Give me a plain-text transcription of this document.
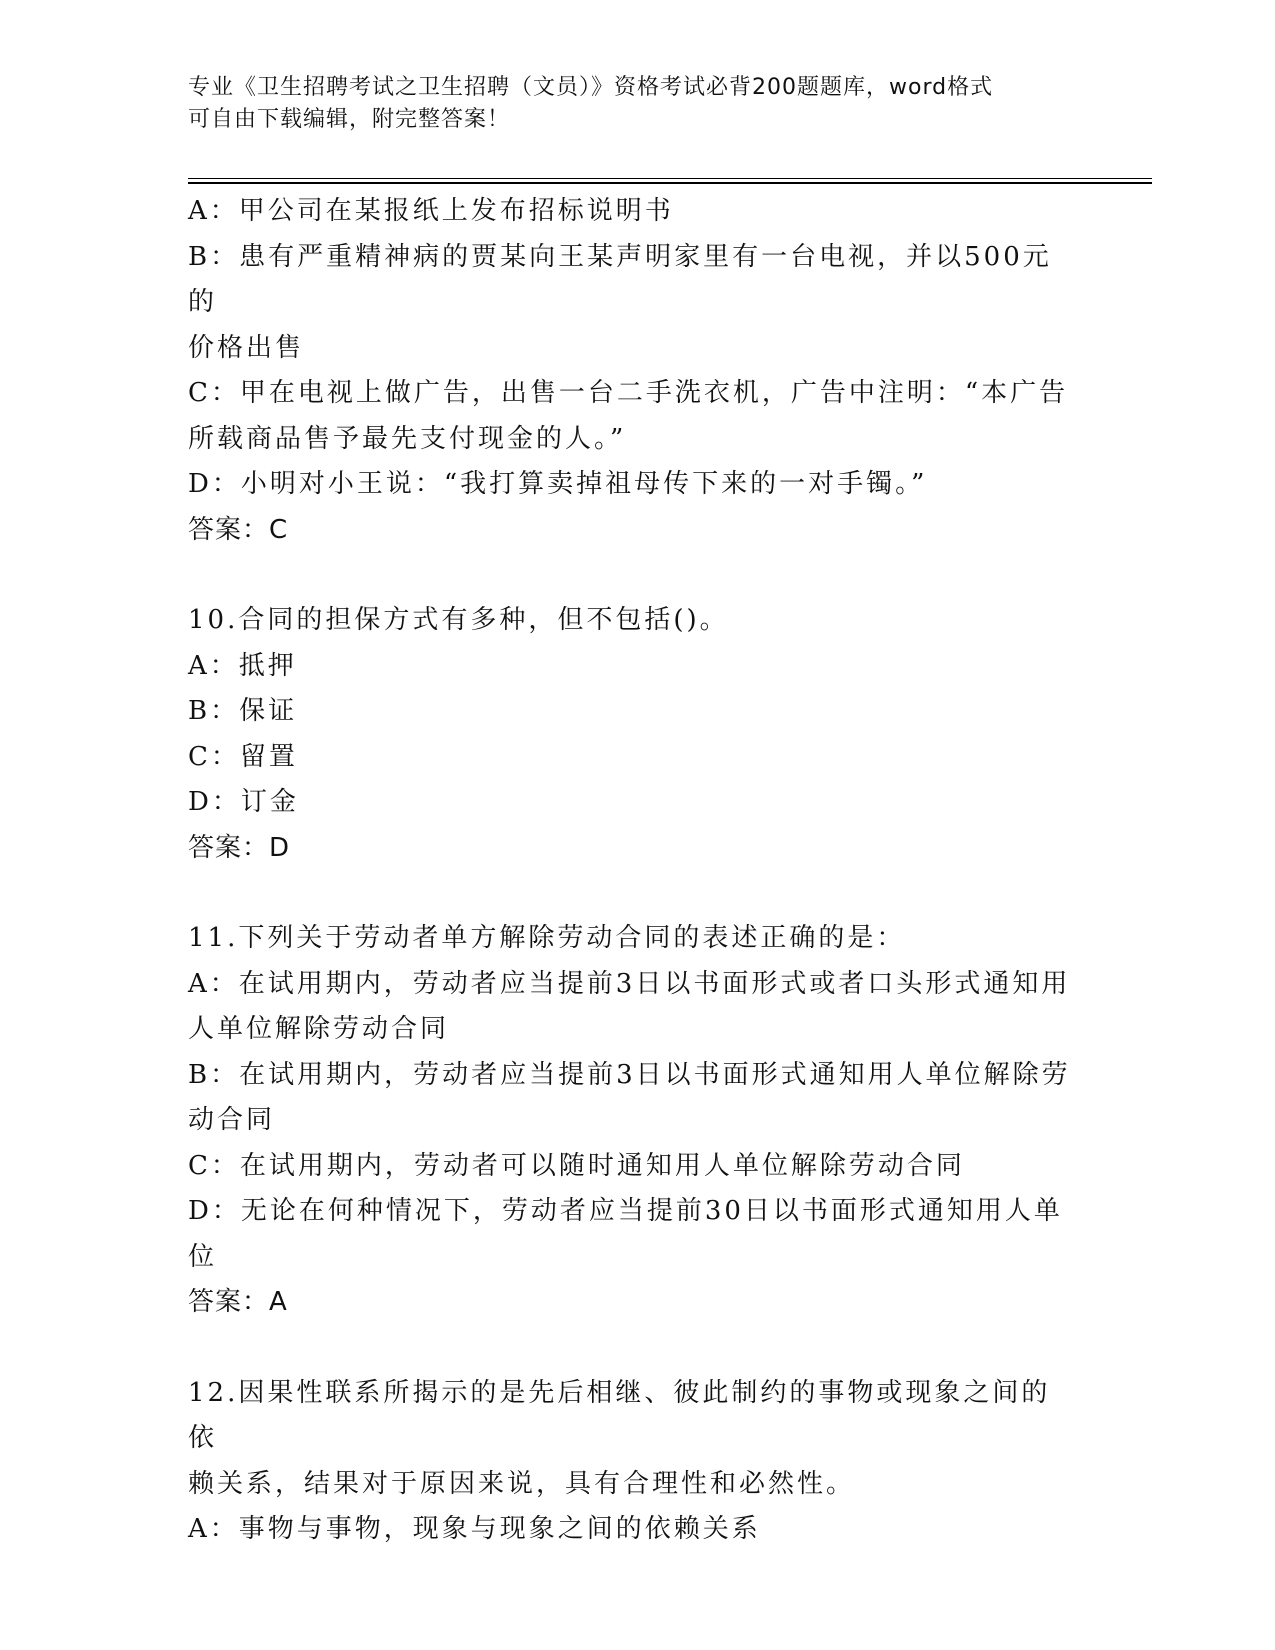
专业《卫生招聘考试之卫生招聘（文员）》资格考试必背200题题库，word格式
可自由下载编辑，附完整答案！
A：甲公司在某报纸上发布招标说明书
B：患有严重精神病的贾某向王某声明家里有一台电视，并以500元的
价格出售
C：甲在电视上做广告，出售一台二手洗衣机，广告中注明：“本广告
所载商品售予最先支付现金的人。”
D：小明对小王说：“我打算卖掉祖母传下来的一对手镯。”
答案：C
10.合同的担保方式有多种，但不包括()。
A：抵押
B：保证
C：留置
D：订金
答案：D
11.下列关于劳动者单方解除劳动合同的表述正确的是：
A：在试用期内，劳动者应当提前3日以书面形式或者口头形式通知用
人单位解除劳动合同
B：在试用期内，劳动者应当提前3日以书面形式通知用人单位解除劳
动合同
C：在试用期内，劳动者可以随时通知用人单位解除劳动合同
D：无论在何种情况下，劳动者应当提前30日以书面形式通知用人单
位
答案：A
12.因果性联系所揭示的是先后相继、彼此制约的事物或现象之间的依
赖关系，结果对于原因来说，具有合理性和必然性。
A：事物与事物，现象与现象之间的依赖关系
